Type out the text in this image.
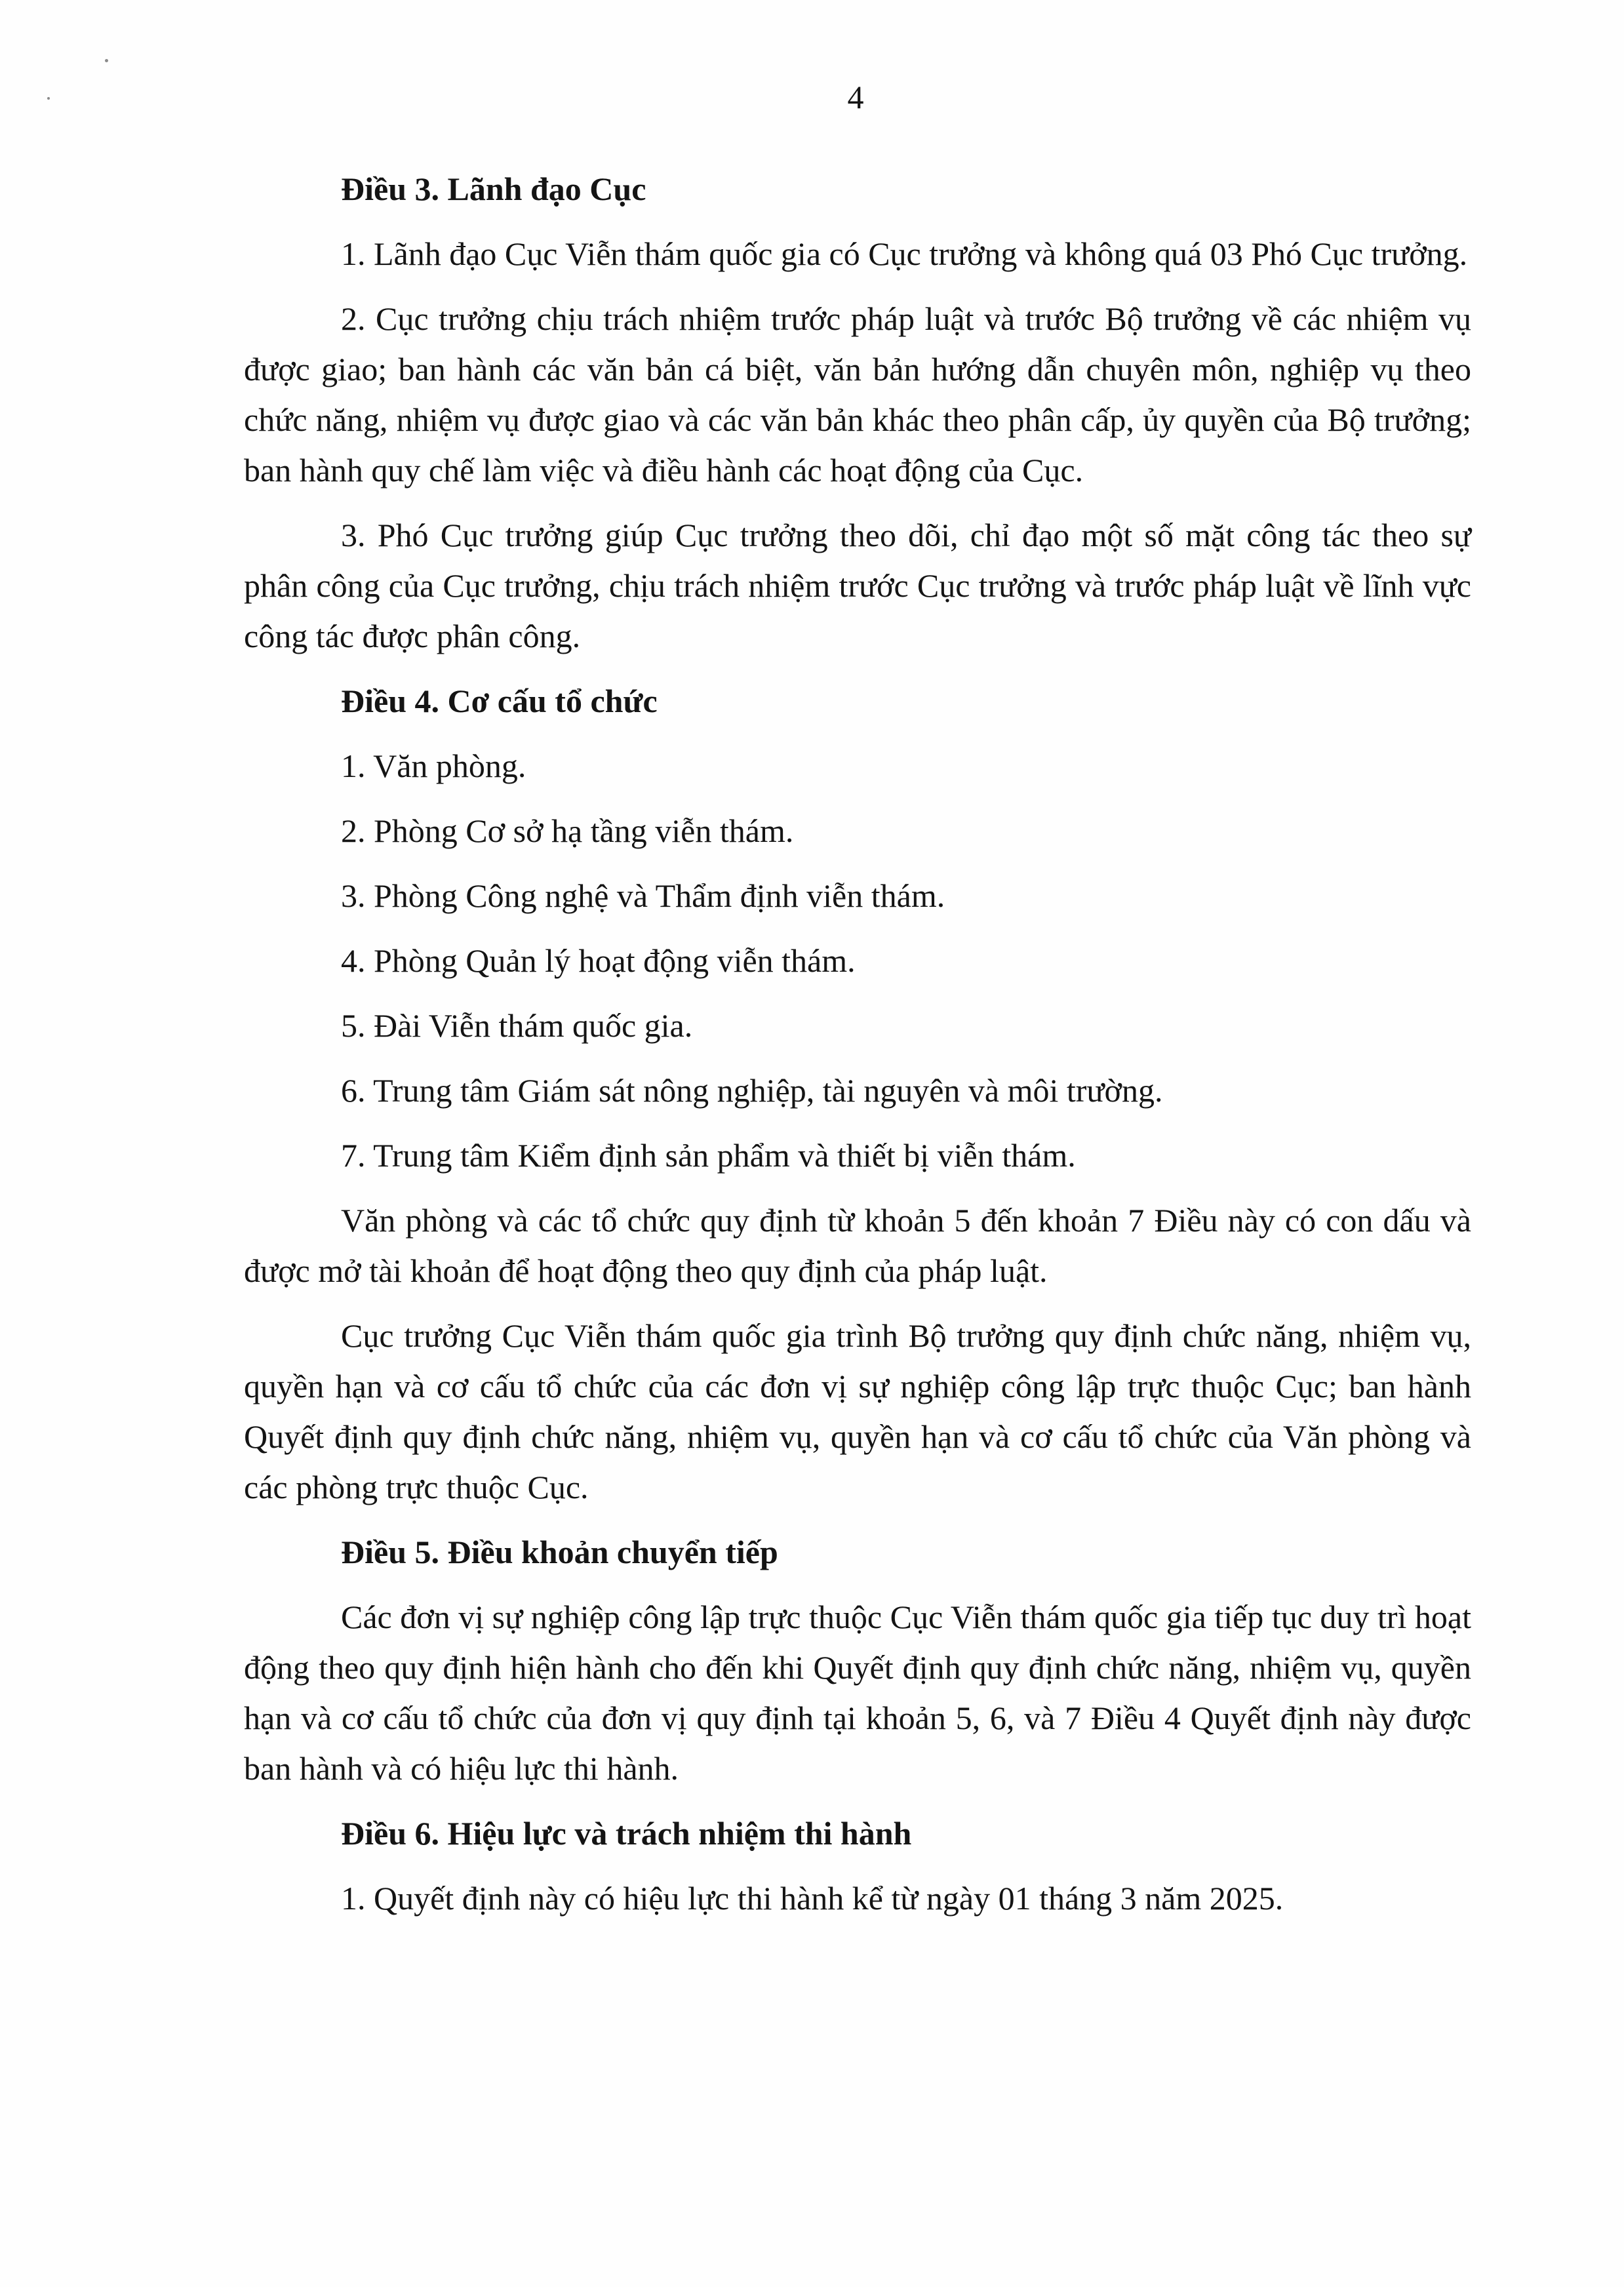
4
Điều 3. Lãnh đạo Cục

1. Lãnh đạo Cục Viễn thám quốc gia có Cục trưởng và không quá 03 Phó Cục trưởng.

2. Cục trưởng chịu trách nhiệm trước pháp luật và trước Bộ trưởng về các nhiệm vụ được giao; ban hành các văn bản cá biệt, văn bản hướng dẫn chuyên môn, nghiệp vụ theo chức năng, nhiệm vụ được giao và các văn bản khác theo phân cấp, ủy quyền của Bộ trưởng; ban hành quy chế làm việc và điều hành các hoạt động của Cục.

3. Phó Cục trưởng giúp Cục trưởng theo dõi, chỉ đạo một số mặt công tác theo sự phân công của Cục trưởng, chịu trách nhiệm trước Cục trưởng và trước pháp luật về lĩnh vực công tác được phân công.

Điều 4. Cơ cấu tổ chức
1. Văn phòng.
2. Phòng Cơ sở hạ tầng viễn thám.
3. Phòng Công nghệ và Thẩm định viễn thám.
4. Phòng Quản lý hoạt động viễn thám.
5. Đài Viễn thám quốc gia.
6. Trung tâm Giám sát nông nghiệp, tài nguyên và môi trường.
7. Trung tâm Kiểm định sản phẩm và thiết bị viễn thám.

Văn phòng và các tổ chức quy định từ khoản 5 đến khoản 7 Điều này có con dấu và được mở tài khoản để hoạt động theo quy định của pháp luật.

Cục trưởng Cục Viễn thám quốc gia trình Bộ trưởng quy định chức năng, nhiệm vụ, quyền hạn và cơ cấu tổ chức của các đơn vị sự nghiệp công lập trực thuộc Cục; ban hành Quyết định quy định chức năng, nhiệm vụ, quyền hạn và cơ cấu tổ chức của Văn phòng và các phòng trực thuộc Cục.

Điều 5. Điều khoản chuyển tiếp

Các đơn vị sự nghiệp công lập trực thuộc Cục Viễn thám quốc gia tiếp tục duy trì hoạt động theo quy định hiện hành cho đến khi Quyết định quy định chức năng, nhiệm vụ, quyền hạn và cơ cấu tổ chức của đơn vị quy định tại khoản 5, 6, và 7 Điều 4 Quyết định này được ban hành và có hiệu lực thi hành.

Điều 6. Hiệu lực và trách nhiệm thi hành

1. Quyết định này có hiệu lực thi hành kể từ ngày 01 tháng 3 năm 2025.
